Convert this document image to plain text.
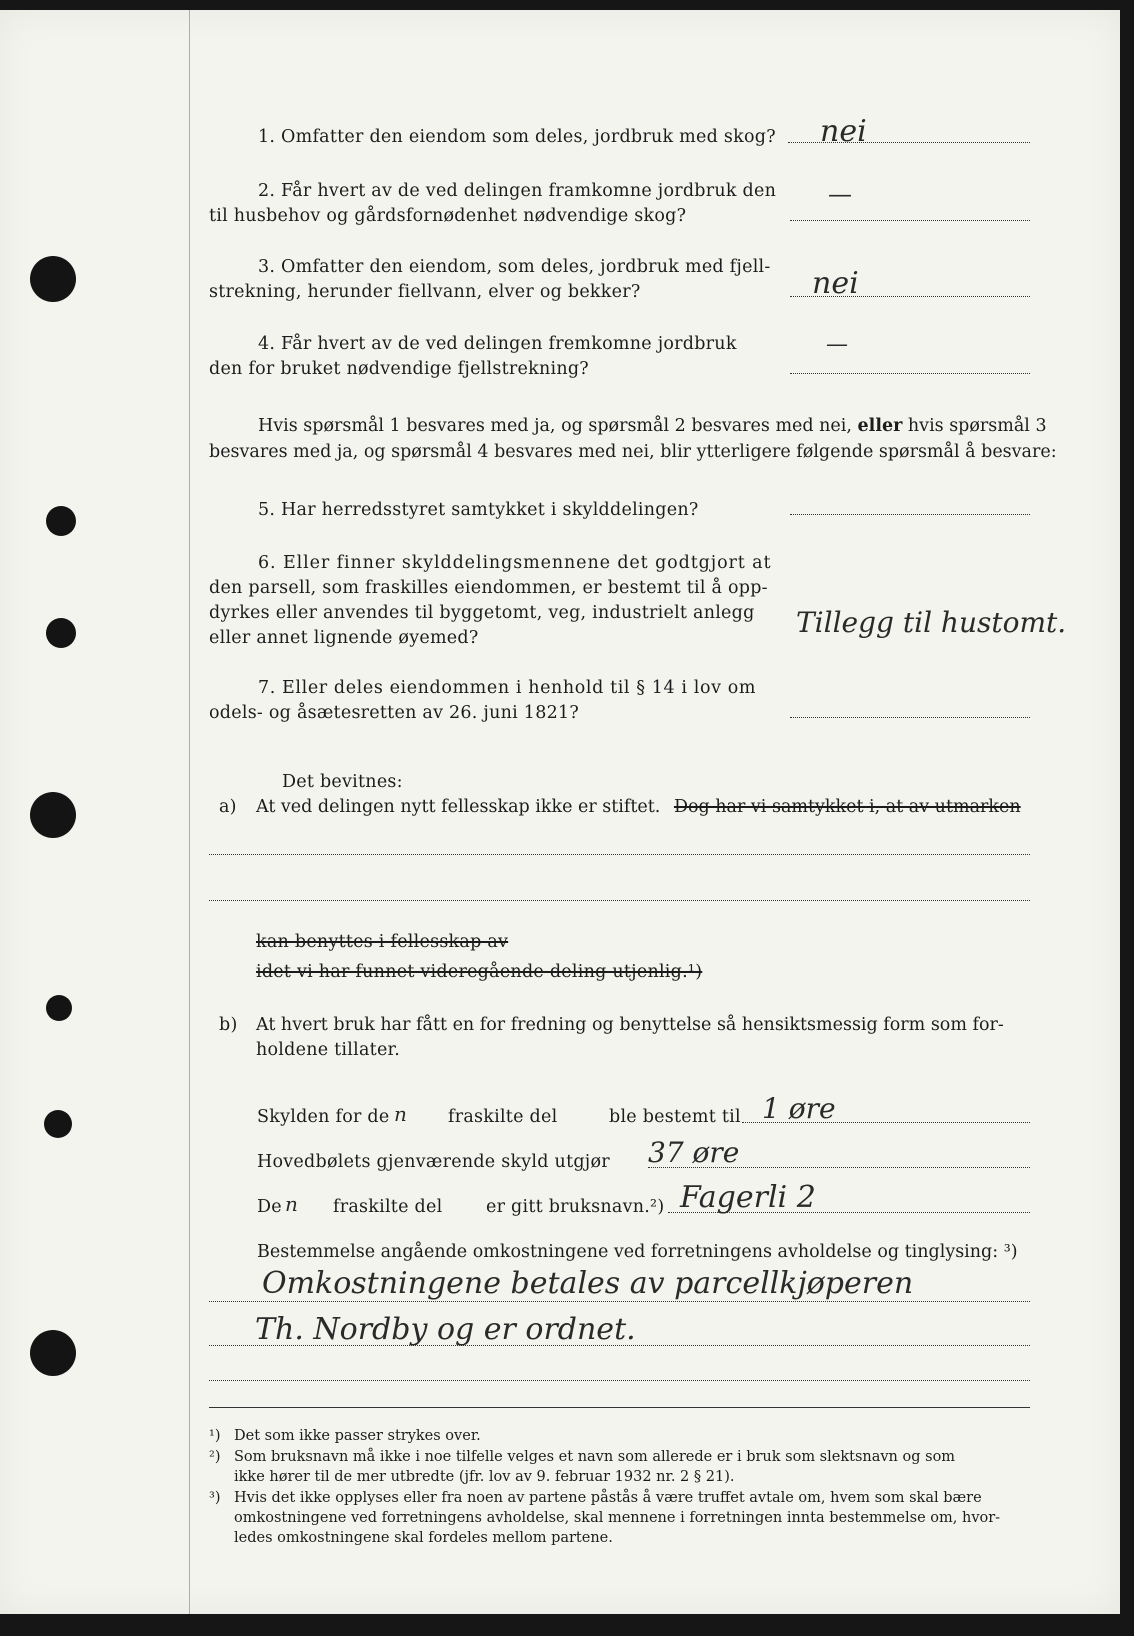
1. Omfatter den eiendom som deles, jordbruk med skog? nei
2. Får hvert av de ved delingen framkomne jordbruk den
til husbehov og gårdsfornødenhet nødvendige skog?
—
3. Omfatter den eiendom, som deles, jordbruk med fjell-
strekning, herunder fiellvann, elver og bekker?	nei
4. Får hvert av de ved delingen fremkomne jordbruk
den for bruket nødvendige fjellstrekning?
—
Hvis spørsmål 1 besvares med ja, og spørsmål 2 besvares med nei, eller hvis spørsmål 3
besvares med ja, og spørsmål 4 besvares med nei, blir ytterligere følgende spørsmål å besvare:
5. Har herredsstyret samtykket i skylddelingen?
6. Eller finner skylddelingsmennene det godtgjort at
den parsell, som fraskilles eiendommen, er bestemt til å opp-
dyrkes eller anvendes til byggetomt, veg, industrielt anlegg
eller annet lignende øyemed?	Tillegg til hustomt.
7. Eller deles eiendommen i henhold til § 14 i lov om
odels- og åsætesretten av 26. juni 1821?
Det bevitnes:
a) At ved delingen nytt fellesskap ikke er stiftet. Dog har vi samtykket i, at av utmarken
kan benyttes i fellesskap av
idet vi har funnet videregående deling utjenlig.¹)
b) At hvert bruk har fått en for fredning og benyttelse så hensiktsmessig form som for-
holdene tillater.
Skylden for de n fraskilte del	ble bestemt til 1 øre
Hovedbølets gjenværende skyld utgjør 37 øre
De n fraskilte del er gitt bruksnavn.²) Fagerli 2
Bestemmelse angående omkostningene ved forretningens avholdelse og tinglysing: ³)
Omkostningene betales av parcellkjøperen
Th. Nordby og er ordnet.
¹) Det som ikke passer strykes over.
²) Som bruksnavn må ikke i noe tilfelle velges et navn som allerede er i bruk som slektsnavn og som
ikke hører til de mer utbredte (jfr. lov av 9. februar 1932 nr. 2 § 21).
³) Hvis det ikke opplyses eller fra noen av partene påstås å være truffet avtale om, hvem som skal bære
omkostningene ved forretningens avholdelse, skal mennene i forretningen innta bestemmelse om, hvor-
ledes omkostningene skal fordeles mellom partene.
